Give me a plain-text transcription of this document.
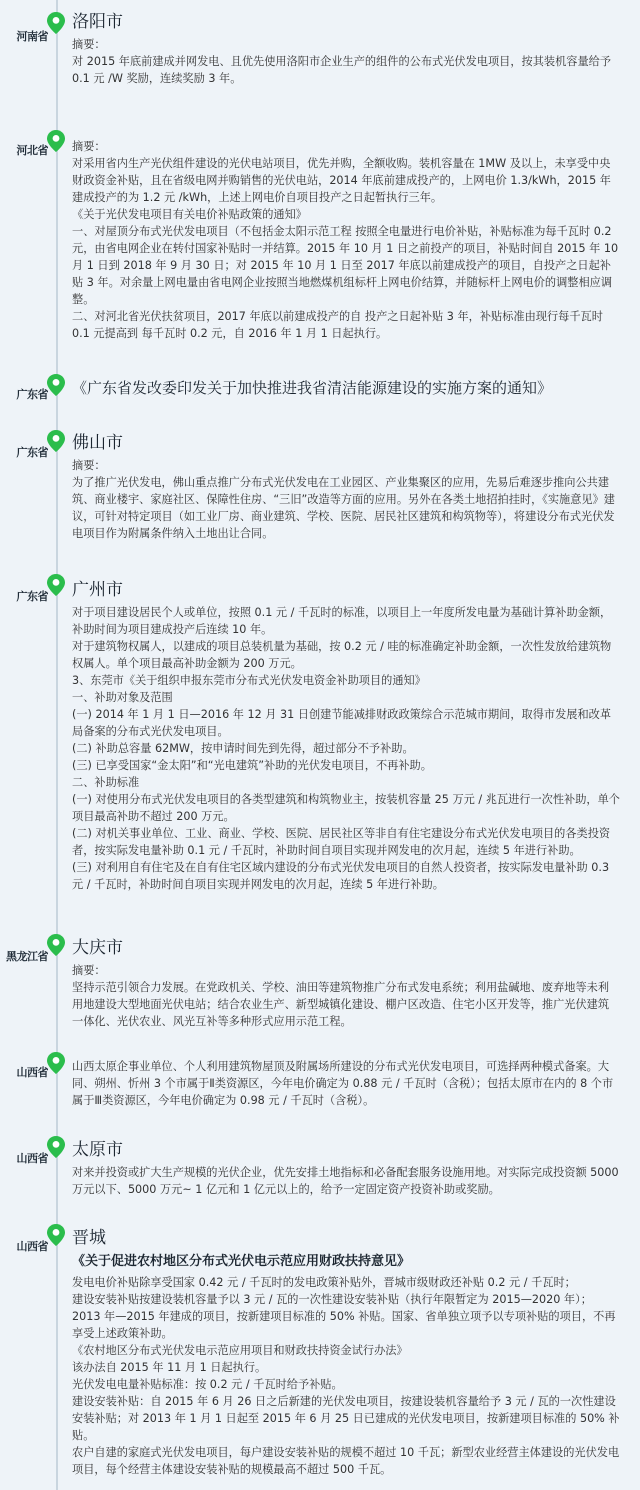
河南省
洛阳市

摘要：

对 2015 年底前建成并网发电、且优先使用洛阳市企业生产的组件的公布式光伏发电项目，按其装机容量给予 0.1 元 /W 奖励，连续奖励 3 年。

河北省 摘要：

对采用省内生产光伏组件建设的光伏电站项目，优先并购，全额收购。装机容量在 1MW 及以上，未享受中央财政资金补贴，且在省级电网并购销售的光伏电站，2014 年底前建成投产的，上网电价 1.3/kWh，2015 年建成投产的为 1.2 元 /kWh，上述上网电价自项目投产之日起暂执行三年。

《关于光伏发电项目有关电价补贴政策的通知》

一、对屋顶分布式光伏发电项目（不包括金太阳示范工程 按照全电量进行电价补贴，补贴标准为每千瓦时 0.2 元，由省电网企业在转付国家补贴时一并结算。2015 年 10 月 1 日之前投产的项目，补贴时间自 2015 年 10 月 1 日到 2018 年 9 月 30 日；对 2015 年 10 月 1 日至 2017 年底以前建成投产的项目，自投产之日起补贴 3 年。对余量上网电量由省电网企业按照当地燃煤机组标杆上网电价结算，并随标杆上网电价的调整相应调整。

二、对河北省光伏扶贫项目，2017 年底以前建成投产的自 投产之日起补贴 3 年，补贴标准由现行每千瓦时 0.1 元提高到 每千瓦时 0.2 元，自 2016 年 1 月 1 日起执行。

广东省 《广东省发改委印发关于加快推进我省清洁能源建设的实施方案的通知》
广东省 佛山市

摘要：

为了推广光伏发电，佛山重点推广分布式光伏发电在工业园区、产业集聚区的应用，先易后难逐步推向公共建筑、商业楼宇、家庭社区、保障性住房、“三旧”改造等方面的应用。另外在各类土地招拍挂时，《实施意见》建议，可针对特定项目（如工业厂房、商业建筑、学校、医院、居民社区建筑和构筑物等），将建设分布式光伏发电项目作为附属条件纳入土地出让合同。

广东省 广州市

对于项目建设居民个人或单位，按照 0.1 元 / 千瓦时的标准，以项目上一年度所发电量为基础计算补助金额，补助时间为项目建成投产后连续 10 年。

对于建筑物权属人，以建成的项目总装机量为基础，按 0.2 元 / 哇的标准确定补助金额，一次性发放给建筑物权属人。单个项目最高补助金额为 200 万元。

3、东莞市《关于组织申报东莞市分布式光伏发电资金补助项目的通知》

一、补助对象及范围

(一) 2014 年 1 月 1 日—2016 年 12 月 31 日创建节能减排财政政策综合示范城市期间，取得市发展和改革局备案的分布式光伏发电项目。

(二) 补助总容量 62MW，按申请时间先到先得，超过部分不予补助。

(三) 已享受国家“金太阳”和“光电建筑”补助的光伏发电项目，不再补助。

二、补助标准

(一) 对使用分布式光伏发电项目的各类型建筑和构筑物业主，按装机容量 25 万元 / 兆瓦进行一次性补助，单个项目最高补助不超过 200 万元。

(二) 对机关事业单位、工业、商业、学校、医院、居民社区等非自有住宅建设分布式光伏发电项目的各类投资者，按实际发电量补助 0.1 元 / 千瓦时，补助时间自项目实现并网发电的次月起，连续 5 年进行补助。

(三) 对利用自有住宅及在自有住宅区域内建设的分布式光伏发电项目的自然人投资者，按实际发电量补助 0.3 元 / 千瓦时，补助时间自项目实现并网发电的次月起，连续 5 年进行补助。

黑龙江省 大庆市

摘要：

坚持示范引领合力发展。在党政机关、学校、油田等建筑物推广分布式发电系统；利用盐碱地、废弃地等未利用地建设大型地面光伏电站；结合农业生产、新型城镇化建设、棚户区改造、住宅小区开发等，推广光伏建筑一体化、光伏农业、风光互补等多种形式应用示范工程。

山西省 山西太原企事业单位、个人利用建筑物屋顶及附属场所建设的分布式光伏发电项目，可选择两种模式备案。大同、朔州、忻州 3 个市属于Ⅱ类资源区，今年电价确定为 0.88 元 / 千瓦时（含税）；包括太原市在内的 8 个市属于Ⅲ类资源区，今年电价确定为 0.98 元 / 千瓦时（含税）。

山西省 太原市

对来并投资或扩大生产规模的光伏企业，优先安排土地指标和必备配套服务设施用地。对实际完成投资额 5000 万元以下、5000 万元~ 1 亿元和 1 亿元以上的，给予一定固定资产投资补助或奖励。

山西省 晋城
《关于促进农村地区分布式光伏电示范应用财政扶持意见》

发电电价补贴除享受国家 0.42 元 / 千瓦时的发电政策补贴外，晋城市级财政还补贴 0.2 元 / 千瓦时；

建设安装补贴按建设装机容量予以 3 元 / 瓦的一次性建设安装补贴（执行年限暂定为 2015—2020 年）；

2013 年—2015 年建成的项目，按新建项目标准的 50% 补贴。国家、省单独立项予以专项补贴的项目，不再享受上述政策补助。

《农村地区分布式光伏发电示范应用项目和财政扶持资金试行办法》

该办法自 2015 年 11 月 1 日起执行。

光伏发电电量补贴标准：按 0.2 元 / 千瓦时给予补贴。

建设安装补贴：自 2015 年 6 月 26 日之后新建的光伏发电项目，按建设装机容量给予 3 元 / 瓦的一次性建设安装补贴；对 2013 年 1 月 1 日起至 2015 年 6 月 25 日已建成的光伏发电项目，按新建项目标准的 50% 补贴。

农户自建的家庭式光伏发电项目，每户建设安装补贴的规模不超过 10 千瓦；新型农业经营主体建设的光伏发电项目，每个经营主体建设安装补贴的规模最高不超过 500 千瓦。
